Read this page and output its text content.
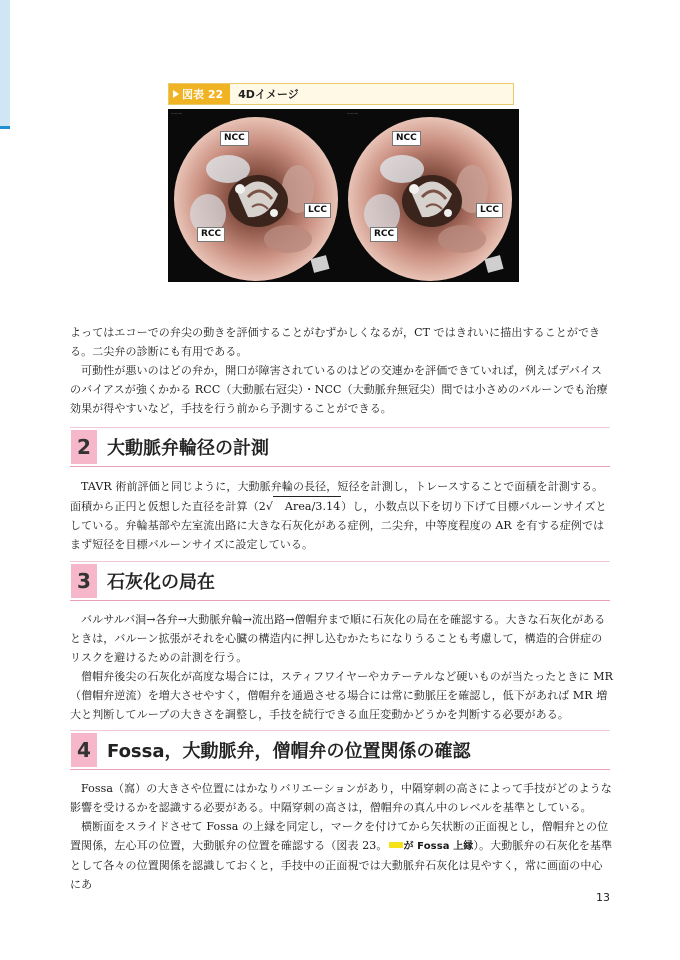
図表 22 4Dイメージ
·········
NCC
LCC
RCC
·········
NCC
LCC
RCC

よってはエコーでの弁尖の動きを評価することがむずかしくなるが，CT ではきれいに描出することができる。二尖弁の診断にも有用である。

可動性が悪いのはどの弁か，開口が障害されているのはどの交連かを評価できていれば，例えばデバイスのバイアスが強くかかる RCC（大動脈右冠尖）・NCC（大動脈弁無冠尖）間では小さめのバルーンでも治療効果が得やすいなど，手技を行う前から予測することができる。

2 大動脈弁輪径の計測

TAVR 術前評価と同じように，大動脈弁輪の長径，短径を計測し，トレースすることで面積を計測する。面積から正円と仮想した直径を計算（2√ Area/3.14）し，小数点以下を切り下げて目標バルーンサイズとしている。弁輪基部や左室流出路に大きな石灰化がある症例，二尖弁，中等度程度の AR を有する症例ではまず短径を目標バルーンサイズに設定している。

3 石灰化の局在

バルサルバ洞→各弁→大動脈弁輪→流出路→僧帽弁まで順に石灰化の局在を確認する。大きな石灰化があるときは，バルーン拡張がそれを心臓の構造内に押し込むかたちになりうることも考慮して，構造的合併症のリスクを避けるための計測を行う。

僧帽弁後尖の石灰化が高度な場合には，スティフワイヤーやカテーテルなど硬いものが当たったときに MR（僧帽弁逆流）を増大させやすく，僧帽弁を通過させる場合には常に動脈圧を確認し，低下があれば MR 増大と判断してループの大きさを調整し，手技を続行できる血圧変動かどうかを判断する必要がある。

4 Fossa，大動脈弁，僧帽弁の位置関係の確認

Fossa（窩）の大きさや位置にはかなりバリエーションがあり，中隔穿刺の高さによって手技がどのような影響を受けるかを認識する必要がある。中隔穿刺の高さは，僧帽弁の真ん中のレベルを基準としている。

横断面をスライドさせて Fossa の上縁を同定し，マークを付けてから矢状断の正面視とし，僧帽弁との位置関係，左心耳の位置，大動脈弁の位置を確認する（図表 23。 が Fossa 上縁）。大動脈弁の石灰化を基準として各々の位置関係を認識しておくと，手技中の正面視では大動脈弁石灰化は見やすく，常に画面の中心にあ

13
